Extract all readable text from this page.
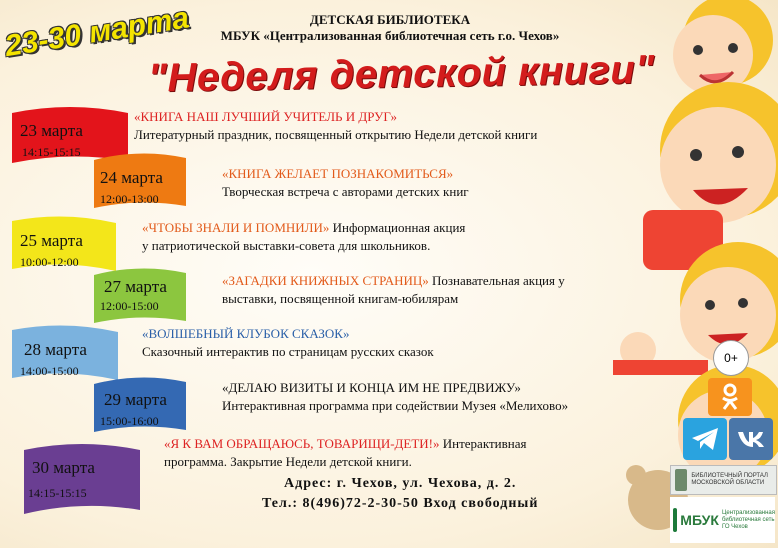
ДЕТСКАЯ БИБЛИОТЕКА
МБУК «Централизованная библиотечная сеть г.о. Чехов»
23-30 марта
"Неделя детской книги"
23 марта
14:15-15:15
24 марта
12:00-13:00
25 марта
10:00-12:00
27 марта
12:00-15:00
28 марта
14:00-15:00
29 марта
15:00-16:00
30 марта
14:15-15:15
«КНИГА НАШ ЛУЧШИЙ УЧИТЕЛЬ И ДРУГ»
Литературный праздник, посвященный открытию Недели детской книги
«КНИГА ЖЕЛАЕТ ПОЗНАКОМИТЬСЯ»
Творческая встреча с авторами детских книг
«ЧТОБЫ ЗНАЛИ И ПОМНИЛИ» Информационная акция
у патриотической выставки-совета для школьников.
«ЗАГАДКИ КНИЖНЫХ СТРАНИЦ» Познавательная акция у
выставки, посвященной книгам-юбилярам
«ВОЛШЕБНЫЙ КЛУБОК СКАЗОК»
Сказочный интерактив по страницам русских сказок
«ДЕЛАЮ ВИЗИТЫ И КОНЦА ИМ НЕ ПРЕДВИЖУ»
Интерактивная программа при содействии Музея «Мелихово»
«Я К ВАМ ОБРАЩАЮСЬ, ТОВАРИЩИ-ДЕТИ!» Интерактивная
программа. Закрытие Недели детской книги.
Адрес: г. Чехов, ул. Чехова, д. 2.
Тел.: 8(496)72-2-30-50 Вход свободный
0+
БИБЛИОТЕЧНЫЙ ПОРТАЛ МОСКОВСКОЙ ОБЛАСТИ
МБУК Централизованная библиотечная сеть ГО Чехов
